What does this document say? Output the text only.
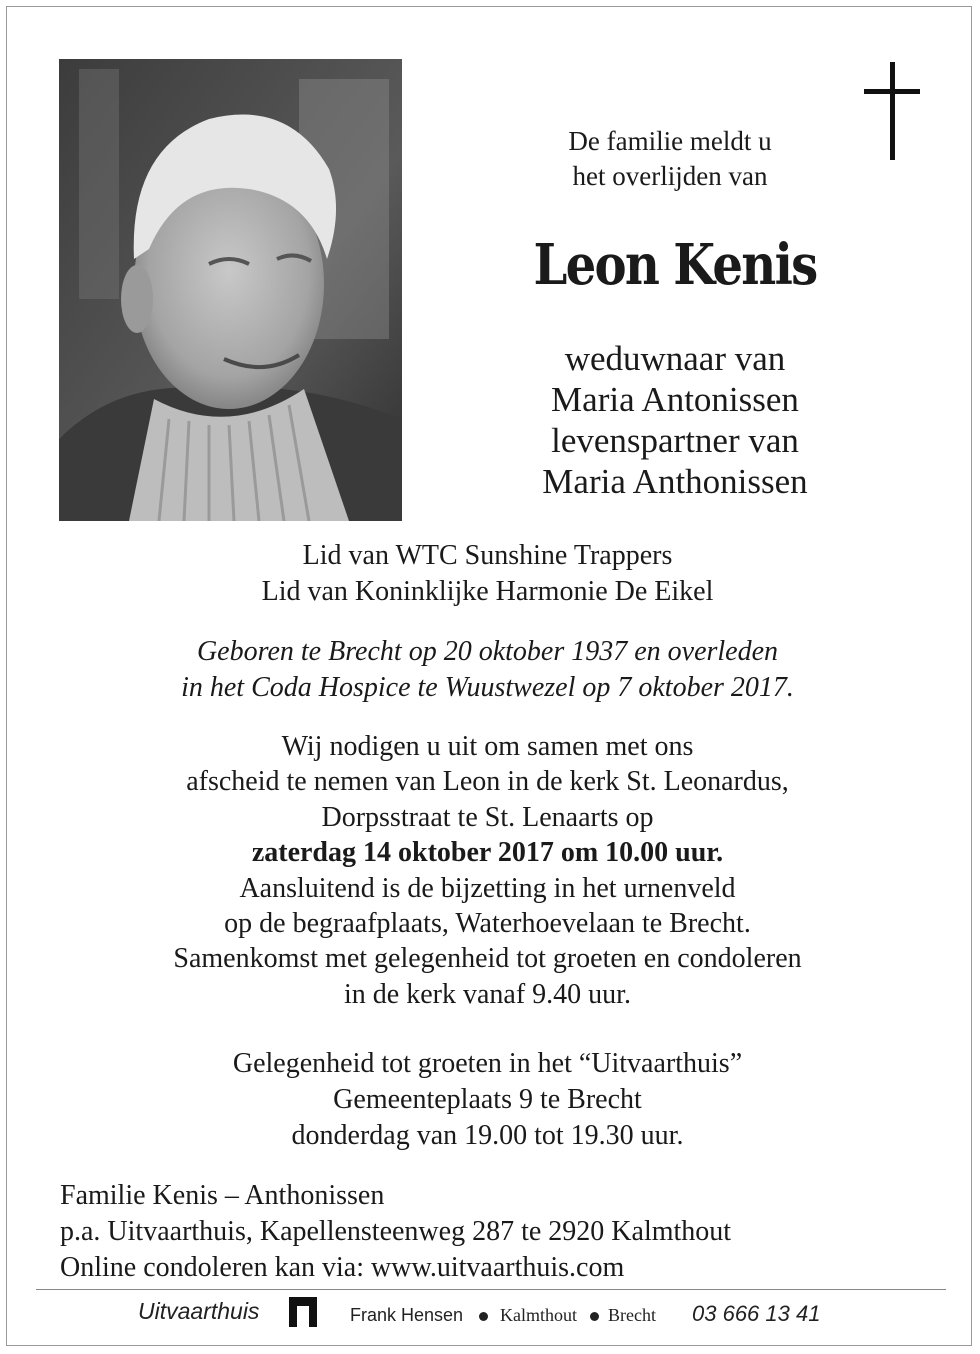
De familie meldt u
het overlijden van
Leon Kenis
weduwnaar van
Maria Antonissen
levenspartner van
Maria Anthonissen
Lid van WTC Sunshine Trappers
Lid van Koninklijke Harmonie De Eikel
Geboren te Brecht op 20 oktober 1937 en overleden
in het Coda Hospice te Wuustwezel op 7 oktober 2017.
Wij nodigen u uit om samen met ons
afscheid te nemen van Leon in de kerk St. Leonardus,
Dorpsstraat te St. Lenaarts op
zaterdag 14 oktober 2017 om 10.00 uur.
Aansluitend is de bijzetting in het urnenveld
op de begraafplaats, Waterhoevelaan te Brecht.
Samenkomst met gelegenheid tot groeten en condoleren
in de kerk vanaf 9.40 uur.
Gelegenheid tot groeten in het “Uitvaarthuis”
Gemeenteplaats 9 te Brecht
donderdag van 19.00 tot 19.30 uur.
Familie Kenis – Anthonissen
p.a. Uitvaarthuis, Kapellensteenweg 287 te 2920 Kalmthout
Online condoleren kan via: www.uitvaarthuis.com
Uitvaarthuis	Frank Hensen Kalmthout Brecht 03 666 13 41
